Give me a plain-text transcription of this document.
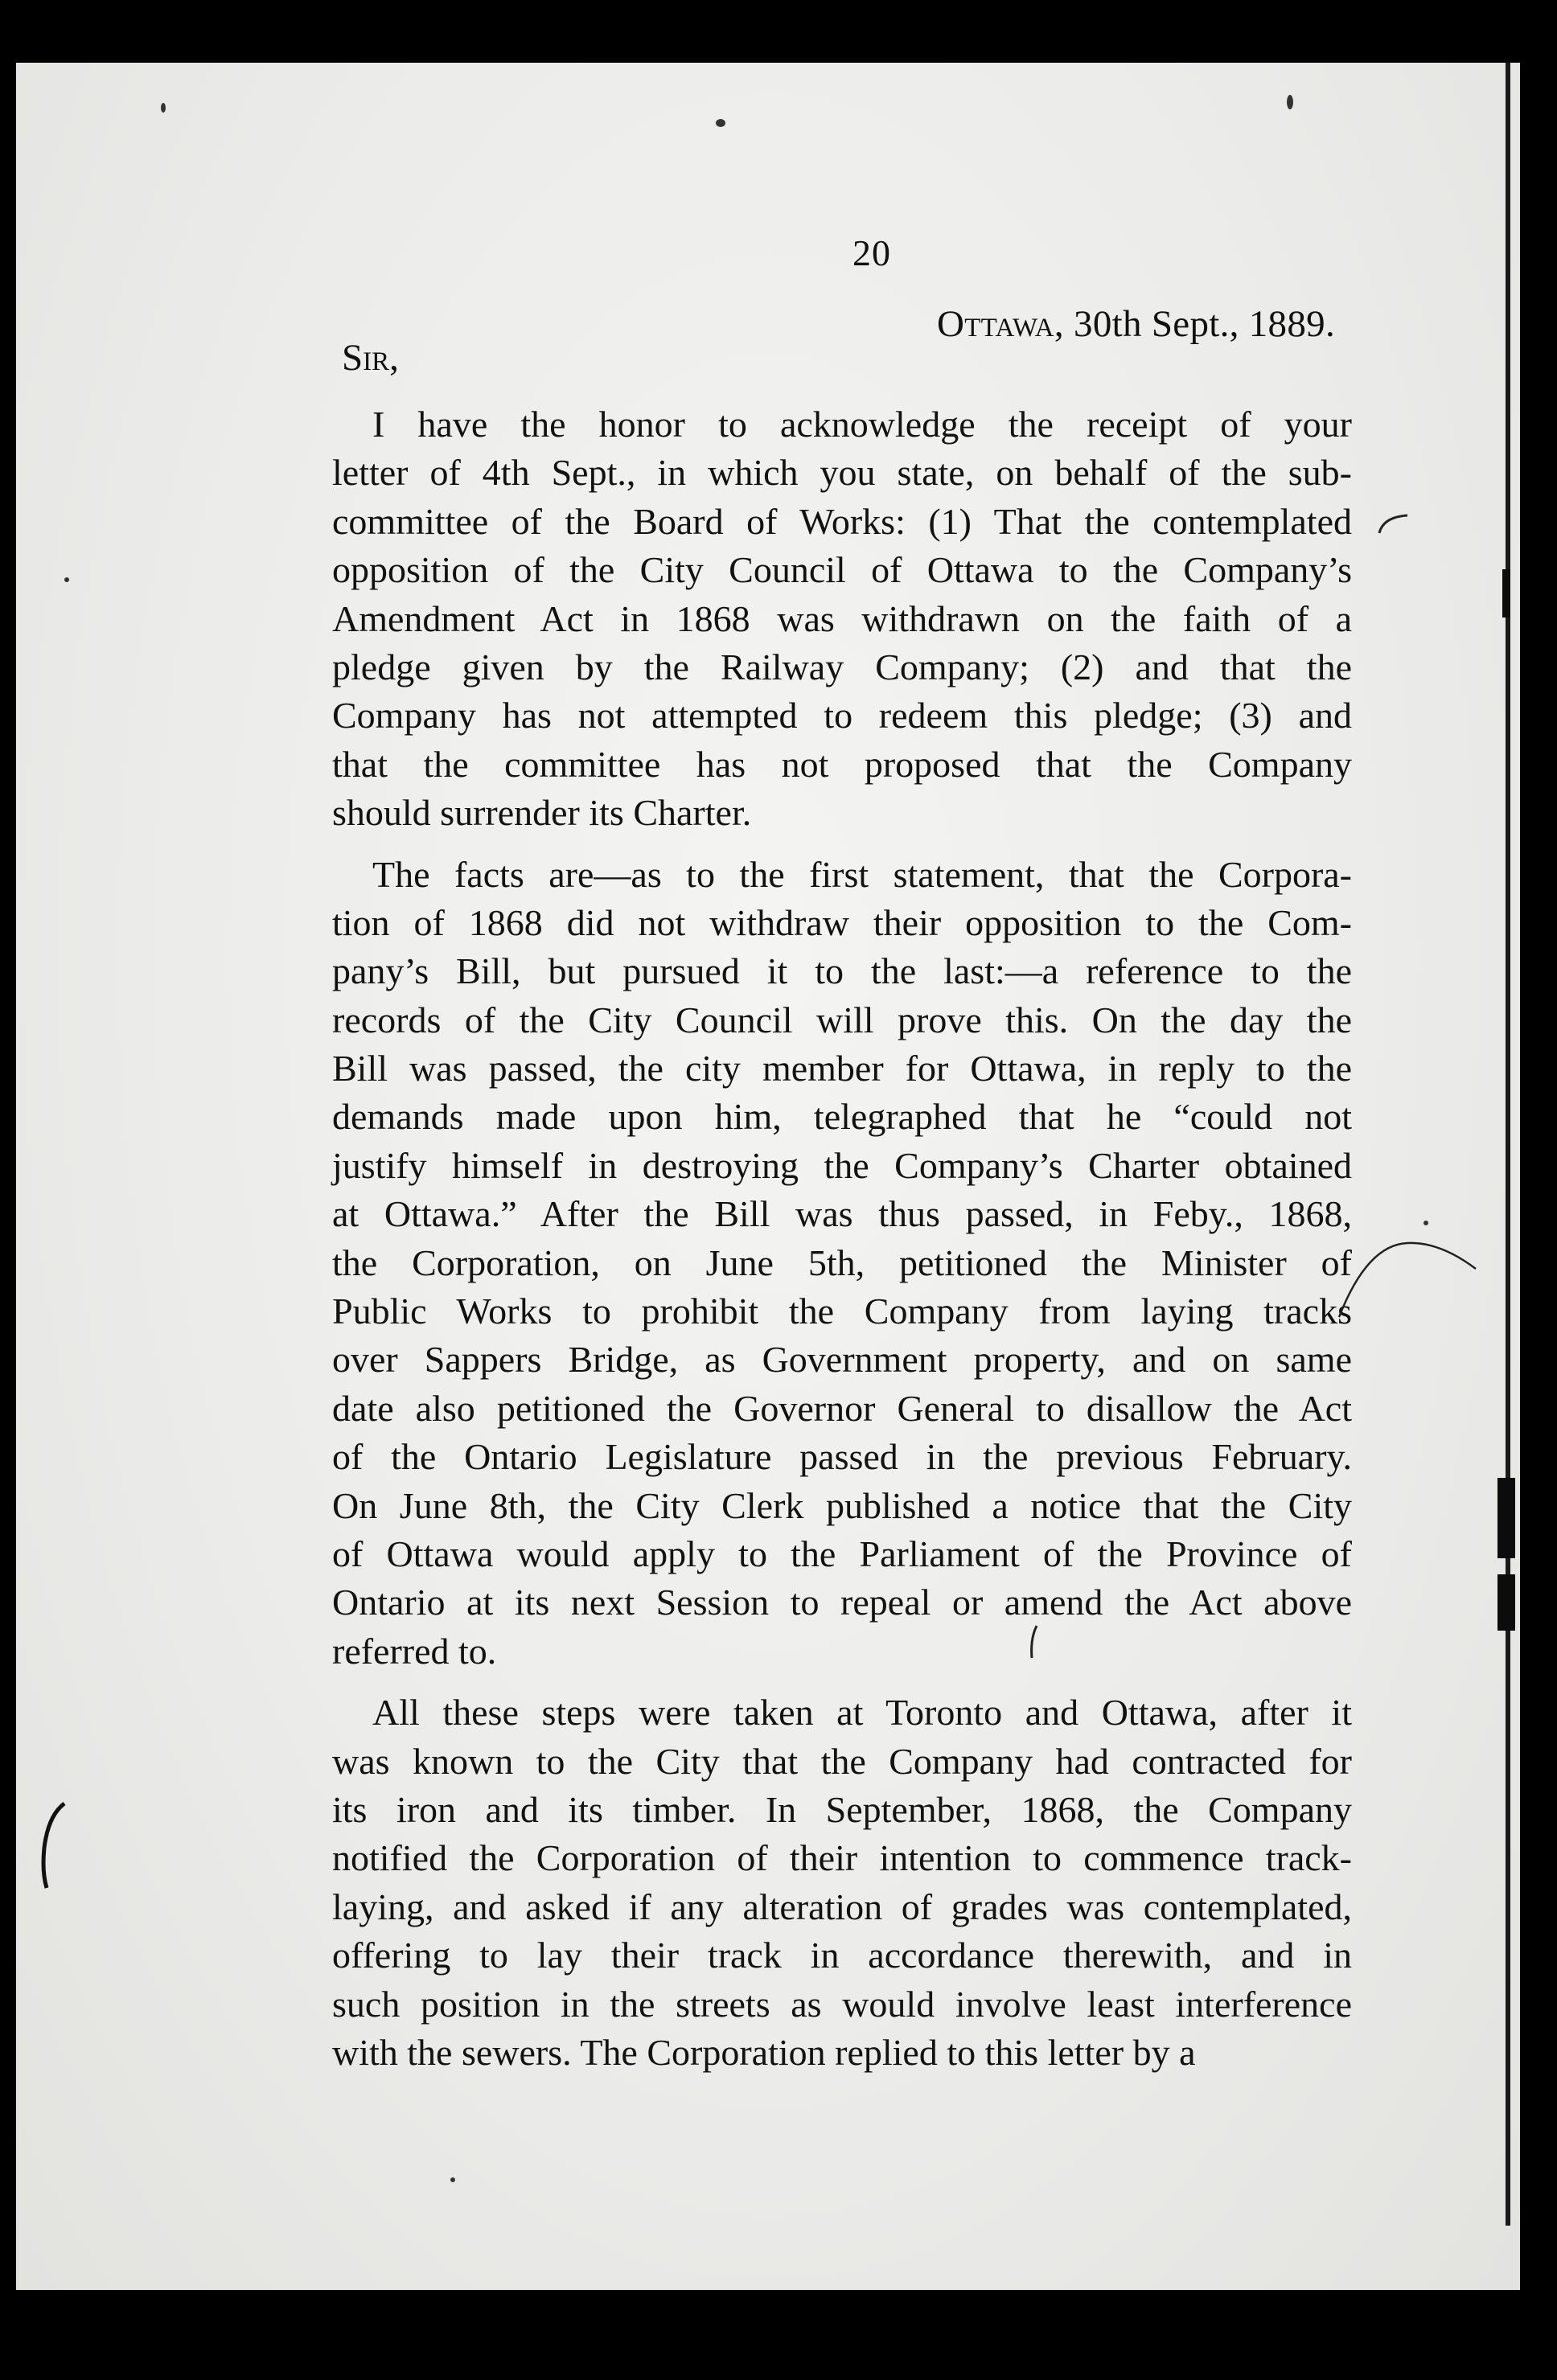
20
Ottawa, 30th Sept., 1889.
Sir,
I have the honor to acknowledge the receipt of your
letter of 4th Sept., in which you state, on behalf of the sub-
committee of the Board of Works: (1) That the contemplated
opposition of the City Council of Ottawa to the Company’s
Amendment Act in 1868 was withdrawn on the faith of a
pledge given by the Railway Company; (2) and that the
Company has not attempted to redeem this pledge; (3) and
that the committee has not proposed that the Company
should surrender its Charter.
The facts are—as to the first statement, that the Corpora-
tion of 1868 did not withdraw their opposition to the Com-
pany’s Bill, but pursued it to the last:—a reference to the
records of the City Council will prove this. On the day the
Bill was passed, the city member for Ottawa, in reply to the
demands made upon him, telegraphed that he “could not
justify himself in destroying the Company’s Charter obtained
at Ottawa.” After the Bill was thus passed, in Feby., 1868,
the Corporation, on June 5th, petitioned the Minister of
Public Works to prohibit the Company from laying tracks
over Sappers Bridge, as Government property, and on same
date also petitioned the Governor General to disallow the Act
of the Ontario Legislature passed in the previous February.
On June 8th, the City Clerk published a notice that the City
of Ottawa would apply to the Parliament of the Province of
Ontario at its next Session to repeal or amend the Act above
referred to.
All these steps were taken at Toronto and Ottawa, after it
was known to the City that the Company had contracted for
its iron and its timber. In September, 1868, the Company
notified the Corporation of their intention to commence track-
laying, and asked if any alteration of grades was contemplated,
offering to lay their track in accordance therewith, and in
such position in the streets as would involve least interference
with the sewers. The Corporation replied to this letter by a
